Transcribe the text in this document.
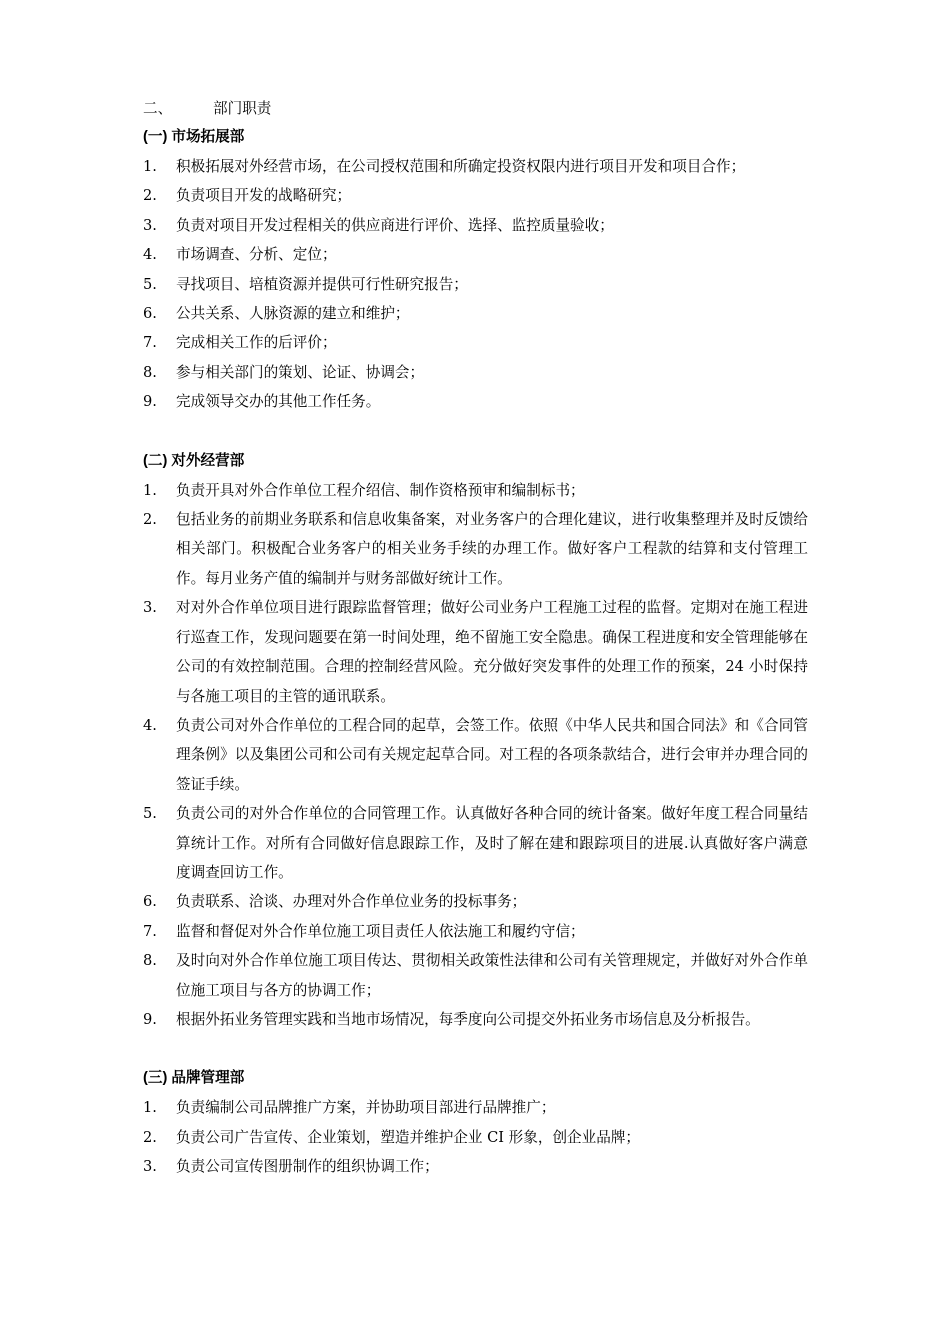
二、	部门职责
(一) 市场拓展部
1.	积极拓展对外经营市场，在公司授权范围和所确定投资权限内进行项目开发和项目合作；
2.	负责项目开发的战略研究；
3.	负责对项目开发过程相关的供应商进行评价、选择、监控质量验收；
4.	市场调查、分析、定位；
5.	寻找项目、培植资源并提供可行性研究报告；
6.	公共关系、人脉资源的建立和维护；
7.	完成相关工作的后评价；
8.	参与相关部门的策划、论证、协调会；
9.	完成领导交办的其他工作任务。
(二) 对外经营部
1.	负责开具对外合作单位工程介绍信、制作资格预审和编制标书；
2.	包括业务的前期业务联系和信息收集备案，对业务客户的合理化建议，进行收集整理并及时反馈给相关部门。积极配合业务客户的相关业务手续的办理工作。做好客户工程款的结算和支付管理工作。每月业务产值的编制并与财务部做好统计工作。
3.	对对外合作单位项目进行跟踪监督管理；做好公司业务户工程施工过程的监督。定期对在施工程进行巡查工作，发现问题要在第一时间处理，绝不留施工安全隐患。确保工程进度和安全管理能够在公司的有效控制范围。合理的控制经营风险。充分做好突发事件的处理工作的预案，24 小时保持与各施工项目的主管的通讯联系。
4.	负责公司对外合作单位的工程合同的起草，会签工作。依照《中华人民共和国合同法》和《合同管理条例》以及集团公司和公司有关规定起草合同。对工程的各项条款结合，进行会审并办理合同的签证手续。
5.	负责公司的对外合作单位的合同管理工作。认真做好各种合同的统计备案。做好年度工程合同量结算统计工作。对所有合同做好信息跟踪工作，及时了解在建和跟踪项目的进展.认真做好客户满意度调查回访工作。
6.	负责联系、洽谈、办理对外合作单位业务的投标事务；
7.	监督和督促对外合作单位施工项目责任人依法施工和履约守信；
8.	及时向对外合作单位施工项目传达、贯彻相关政策性法律和公司有关管理规定，并做好对外合作单位施工项目与各方的协调工作；
9.	根据外拓业务管理实践和当地市场情况，每季度向公司提交外拓业务市场信息及分析报告。
(三) 品牌管理部
1.	负责编制公司品牌推广方案，并协助项目部进行品牌推广；
2.	负责公司广告宣传、企业策划，塑造并维护企业 CI 形象，创企业品牌；
3.	负责公司宣传图册制作的组织协调工作；
